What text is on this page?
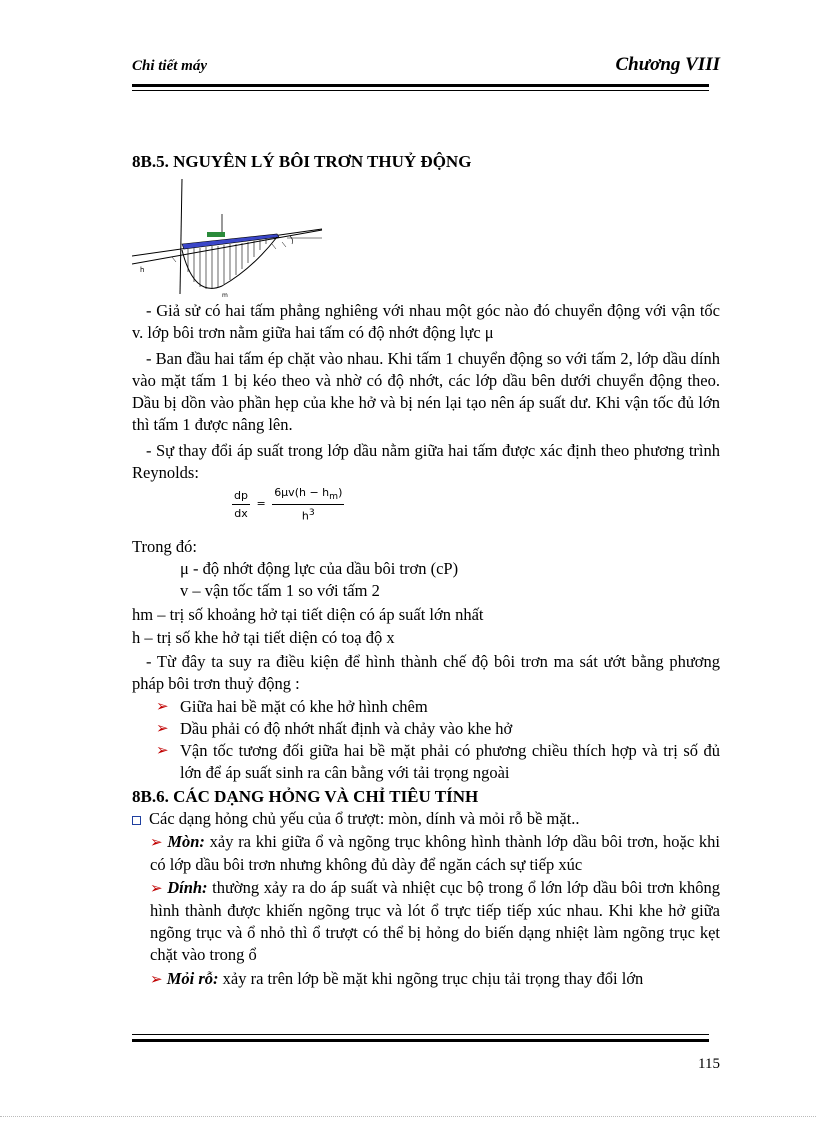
Chi tiết máy	Chương VIII
8B.5. NGUYÊN LÝ BÔI TRƠN THUỶ ĐỘNG
h
m
- Giả sử có hai tấm phẳng nghiêng với nhau một góc nào đó chuyển động với vận tốc v. lớp bôi trơn nằm giữa hai tấm có độ nhớt động lực μ
- Ban đầu hai tấm ép chặt vào nhau. Khi tấm 1 chuyển động so với tấm 2, lớp dầu dính vào mặt tấm 1 bị kéo theo và nhờ có độ nhớt, các lớp dầu bên dưới chuyển động theo. Dầu bị dồn vào phần hẹp của khe hở và bị nén lại tạo nên áp suất dư. Khi vận tốc đủ lớn thì tấm 1 được nâng lên.
- Sự thay đổi áp suất trong lớp dầu nằm giữa hai tấm được xác định theo phương trình Reynolds:
$\frac{dp}{dx} = \frac{6\mu v(h - h_m)}{h^3}$
Trong đó:
μ - độ nhớt động lực của dầu bôi trơn (cP)
v – vận tốc tấm 1 so với tấm 2
hm – trị số khoảng hở tại tiết diện có áp suất lớn nhất
h – trị số khe hở tại tiết diện có toạ độ x
- Từ đây ta suy ra điều kiện để hình thành chế độ bôi trơn ma sát ướt bằng phương pháp bôi trơn thuỷ động :
➢ Giữa hai bề mặt có khe hở hình chêm
➢ Dầu phải có độ nhớt nhất định và chảy vào khe hở
➢ Vận tốc tương đối giữa hai bề mặt phải có phương chiều thích hợp và trị số đủ lớn để áp suất sinh ra cân bằng với tải trọng ngoài
8B.6. CÁC DẠNG HỎNG VÀ CHỈ TIÊU TÍNH
Các dạng hỏng chủ yếu của ổ trượt: mòn, dính và mỏi rỗ bề mặt..
➢ Mòn: xảy ra khi giữa ổ và ngõng trục không hình thành lớp dầu bôi trơn, hoặc khi có lớp dầu bôi trơn nhưng không đủ dày để ngăn cách sự tiếp xúc
➢ Dính: thường xảy ra do áp suất và nhiệt cục bộ trong ổ lớn lớp dầu bôi trơn không hình thành được khiến ngõng trục và lót ổ trực tiếp tiếp xúc nhau. Khi khe hở giữa ngõng trục và ổ nhỏ thì ổ trượt có thể bị hỏng do biến dạng nhiệt làm ngõng trục kẹt chặt vào trong ổ
➢ Mỏi rỗ: xảy ra trên lớp bề mặt khi ngõng trục chịu tải trọng thay đổi lớn
115
